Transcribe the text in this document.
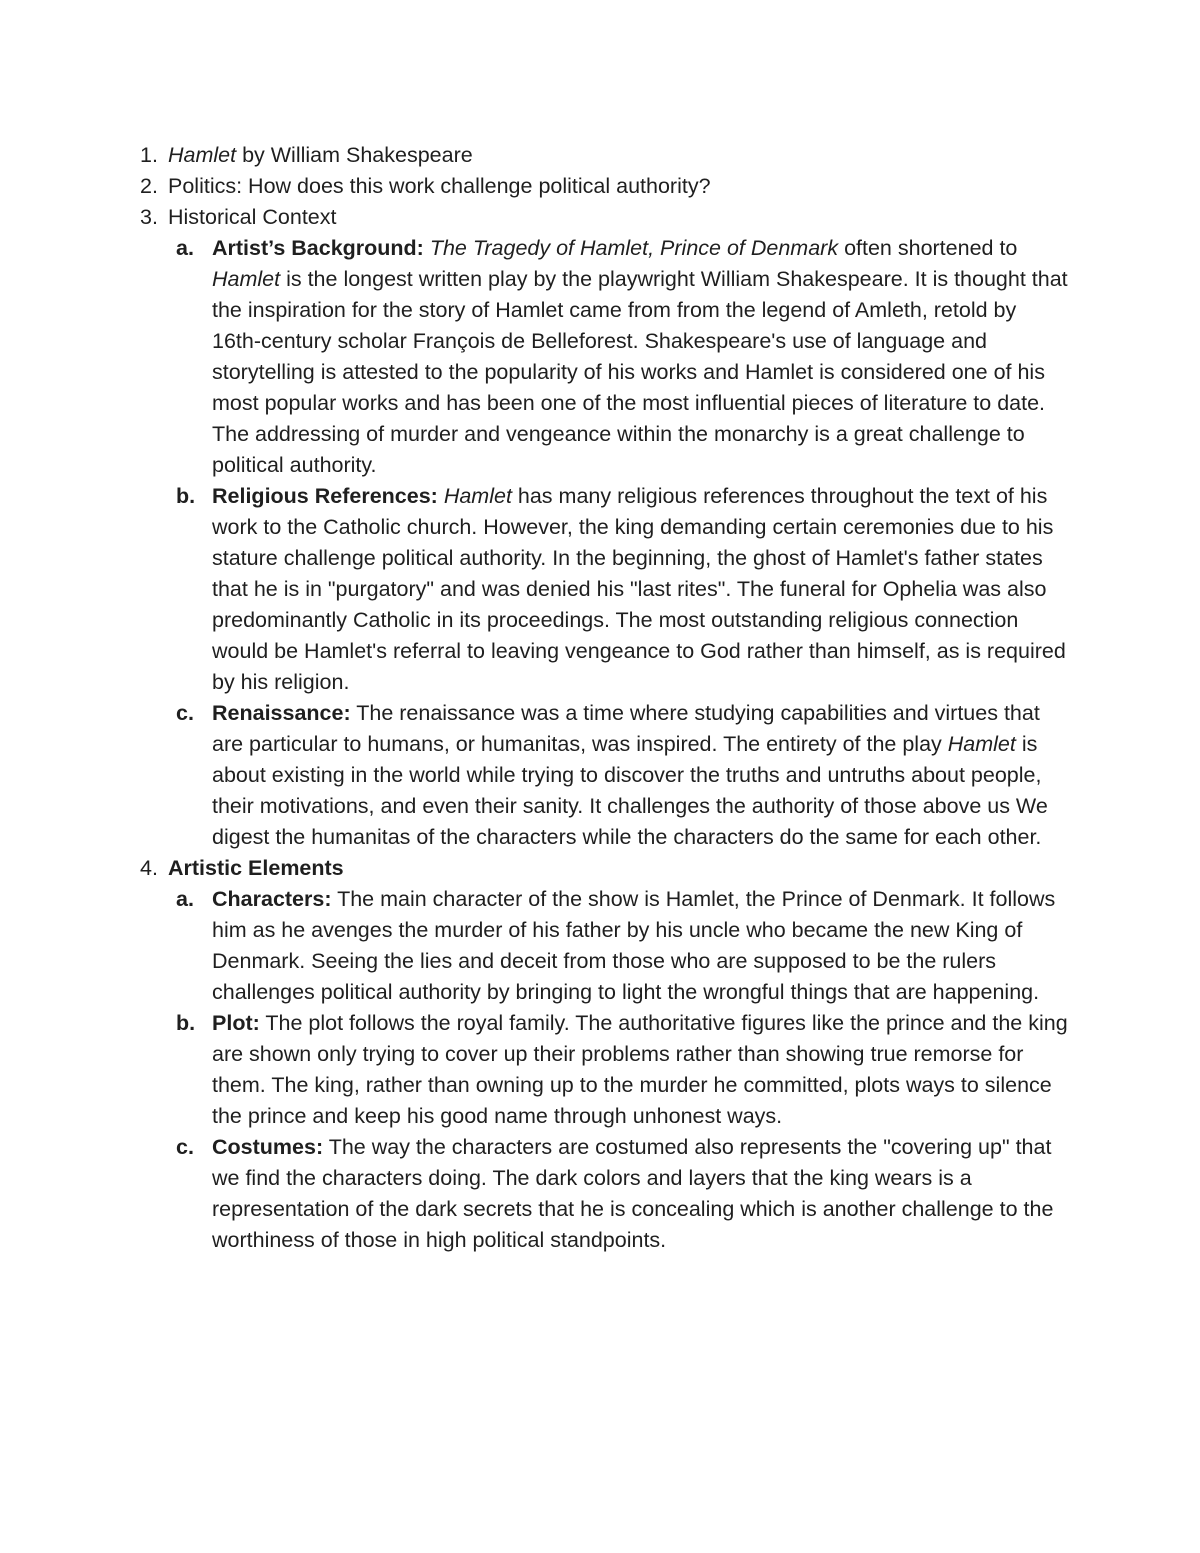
1. Hamlet by William Shakespeare
2. Politics: How does this work challenge political authority?
3. Historical Context
a. Artist’s Background: The Tragedy of Hamlet, Prince of Denmark often shortened to Hamlet is the longest written play by the playwright William Shakespeare. It is thought that the inspiration for the story of Hamlet came from from the legend of Amleth, retold by 16th-century scholar François de Belleforest. Shakespeare's use of language and storytelling is attested to the popularity of his works and Hamlet is considered one of his most popular works and has been one of the most influential pieces of literature to date. The addressing of murder and vengeance within the monarchy is a great challenge to political authority.
b. Religious References: Hamlet has many religious references throughout the text of his work to the Catholic church. However, the king demanding certain ceremonies due to his stature challenge political authority. In the beginning, the ghost of Hamlet's father states that he is in "purgatory" and was denied his "last rites". The funeral for Ophelia was also predominantly Catholic in its proceedings. The most outstanding religious connection would be Hamlet's referral to leaving vengeance to God rather than himself, as is required by his religion.
c. Renaissance: The renaissance was a time where studying capabilities and virtues that are particular to humans, or humanitas, was inspired. The entirety of the play Hamlet is about existing in the world while trying to discover the truths and untruths about people, their motivations, and even their sanity. It challenges the authority of those above us We digest the humanitas of the characters while the characters do the same for each other.
4. Artistic Elements
a. Characters: The main character of the show is Hamlet, the Prince of Denmark. It follows him as he avenges the murder of his father by his uncle who became the new King of Denmark. Seeing the lies and deceit from those who are supposed to be the rulers challenges political authority by bringing to light the wrongful things that are happening.
b. Plot: The plot follows the royal family. The authoritative figures like the prince and the king are shown only trying to cover up their problems rather than showing true remorse for them. The king, rather than owning up to the murder he committed, plots ways to silence the prince and keep his good name through unhonest ways.
c. Costumes: The way the characters are costumed also represents the "covering up" that we find the characters doing. The dark colors and layers that the king wears is a representation of the dark secrets that he is concealing which is another challenge to the worthiness of those in high political standpoints.
